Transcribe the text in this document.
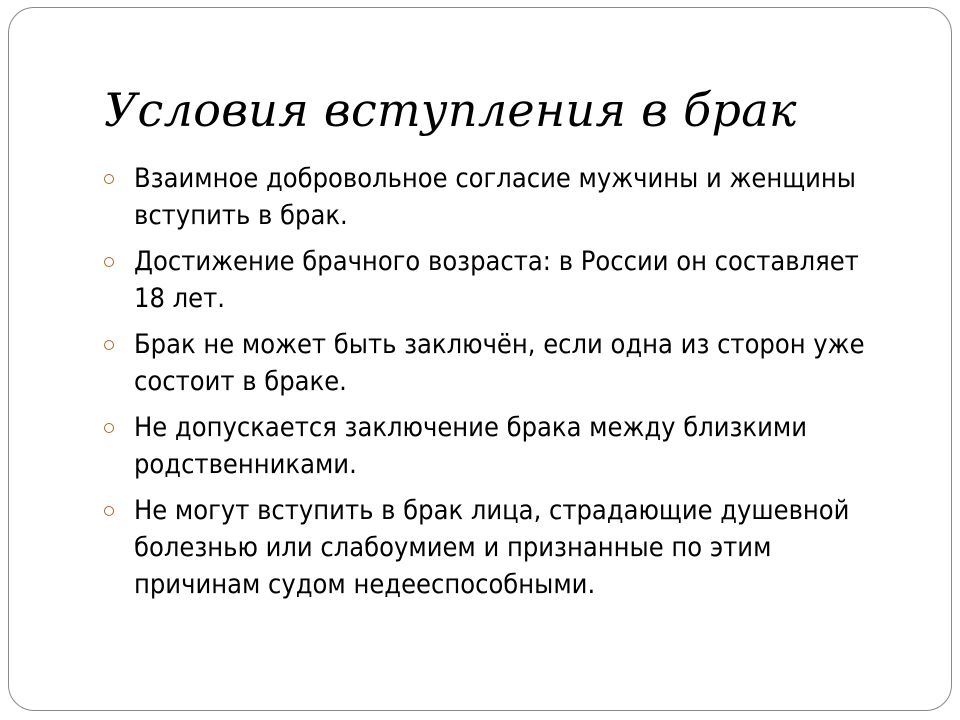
Условия вступления в брак
Взаимное добровольное согласие мужчины и женщины вступить в брак.
Достижение брачного возраста: в России он составляет  18 лет.
Брак не может быть заключён, если одна из сторон уже состоит в браке.
Не допускается заключение брака между близкими родственниками.
Не могут вступить в брак лица, страдающие душевной болезнью или слабоумием и признанные по этим причинам судом недееспособными.
